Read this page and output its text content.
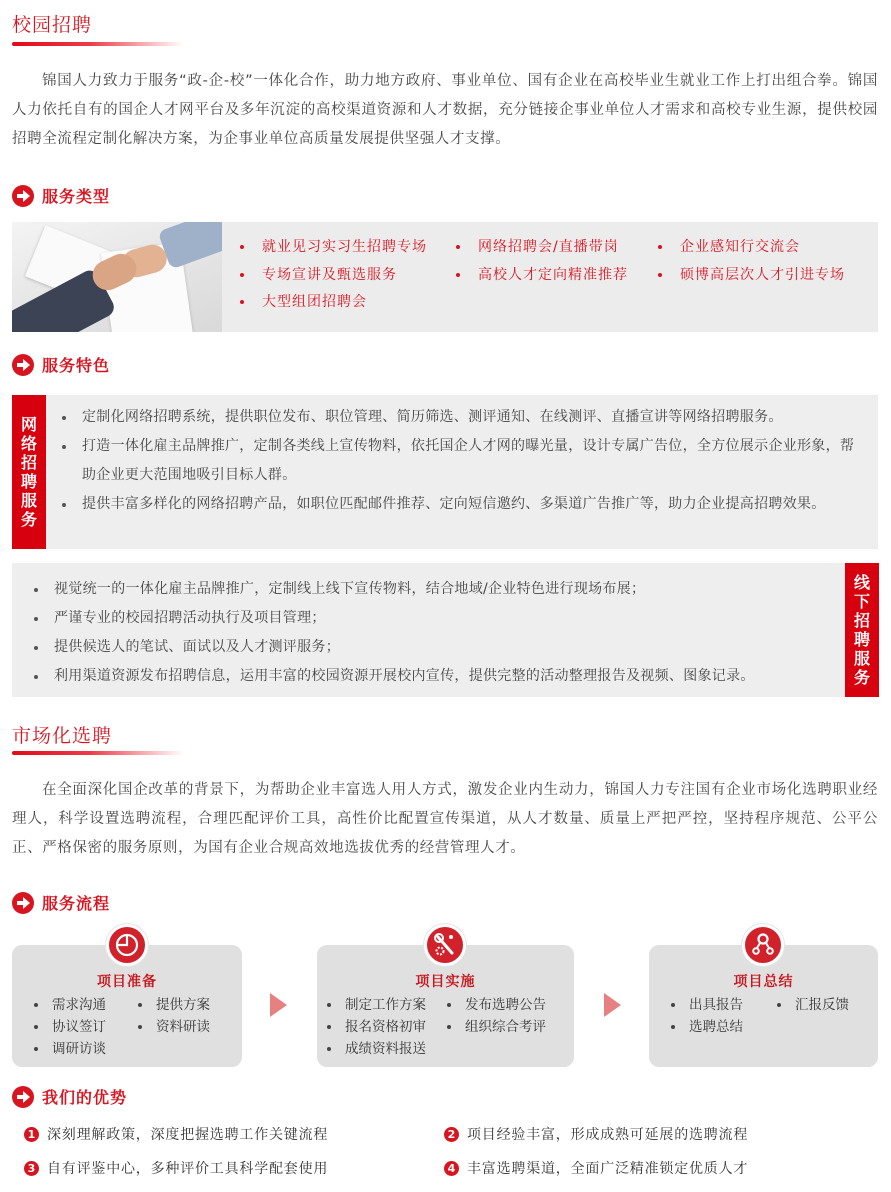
校园招聘

锦国人力致力于服务“政-企-校”一体化合作，助力地方政府、事业单位、国有企业在高校毕业生就业工作上打出组合拳。锦国人力依托自有的国企人才网平台及多年沉淀的高校渠道资源和人才数据，充分链接企事业单位人才需求和高校专业生源，提供校园招聘全流程定制化解决方案，为企事业单位高质量发展提供坚强人才支撑。

服务类型
就业见习实习生招聘专场	网络招聘会/直播带岗	企业感知行交流会
专场宣讲及甄选服务	高校人才定向精准推荐	硕博高层次人才引进专场
大型组团招聘会
服务特色
网络招聘服务
定制化网络招聘系统，提供职位发布、职位管理、简历筛选、测评通知、在线测评、直播宣讲等网络招聘服务。
打造一体化雇主品牌推广，定制各类线上宣传物料，依托国企人才网的曝光量，设计专属广告位，全方位展示企业形象，帮助企业更大范围地吸引目标人群。
提供丰富多样化的网络招聘产品，如职位匹配邮件推荐、定向短信邀约、多渠道广告推广等，助力企业提高招聘效果。
视觉统一的一体化雇主品牌推广，定制线上线下宣传物料，结合地域/企业特色进行现场布展；
严谨专业的校园招聘活动执行及项目管理；
提供候选人的笔试、面试以及人才测评服务；
利用渠道资源发布招聘信息，运用丰富的校园资源开展校内宣传，提供完整的活动整理报告及视频、图象记录。
线下招聘服务
市场化选聘

在全面深化国企改革的背景下，为帮助企业丰富选人用人方式，激发企业内生动力，锦国人力专注国有企业市场化选聘职业经理人，科学设置选聘流程，合理匹配评价工具，高性价比配置宣传渠道，从人才数量、质量上严把严控，坚持程序规范、公平公正、严格保密的服务原则，为国有企业合规高效地选拔优秀的经营管理人才。

服务流程
项目准备
需求沟通	提供方案
协议签订	资料研读
调研访谈
项目实施
制定工作方案	发布选聘公告
报名资格初审	组织综合考评
成绩资料报送
项目总结
出具报告	汇报反馈
选聘总结
我们的优势
1 深刻理解政策，深度把握选聘工作关键流程	2 项目经验丰富，形成成熟可延展的选聘流程
3 自有评鉴中心，多种评价工具科学配套使用	4 丰富选聘渠道，全面广泛精准锁定优质人才
